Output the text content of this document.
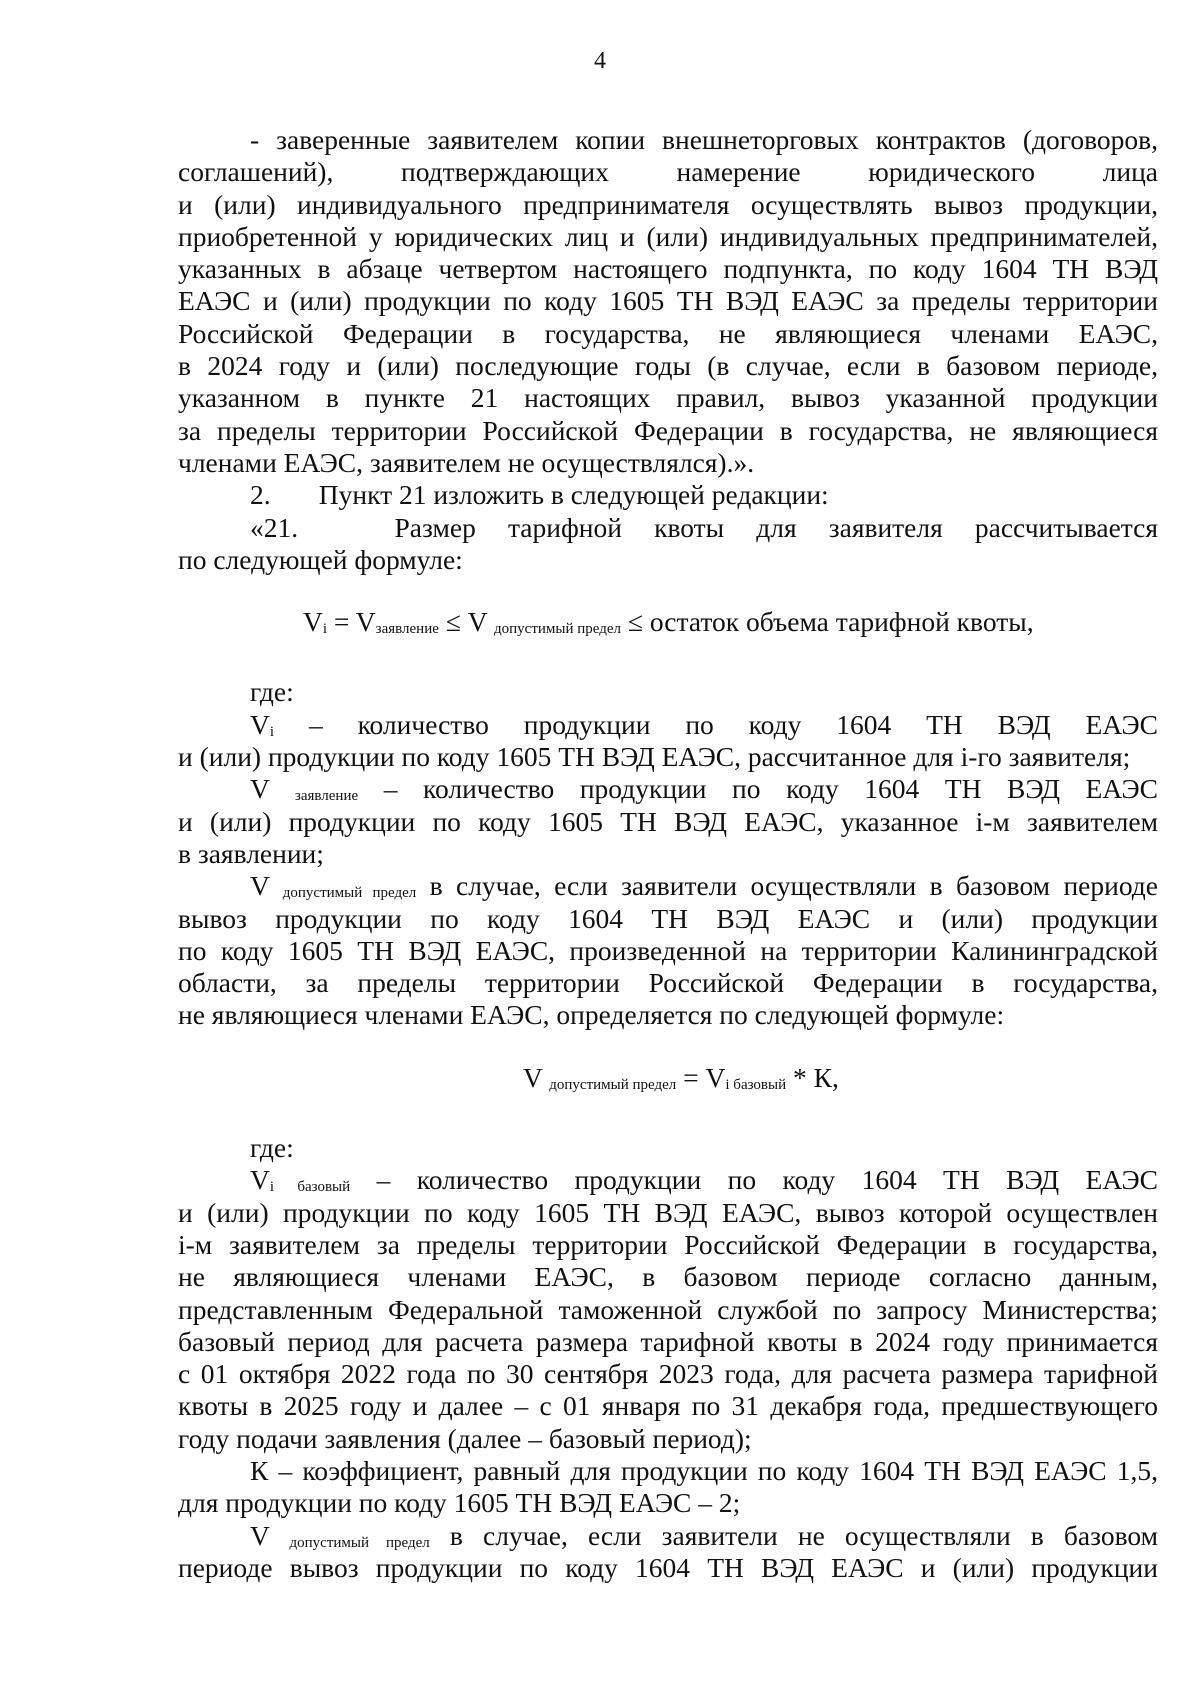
4

- заверенные заявителем копии внешнеторговых контрактов (договоров,

соглашений), подтверждающих намерение юридического лица

и (или) индивидуального предпринимателя осуществлять вывоз продукции,

приобретенной у юридических лиц и (или) индивидуальных предпринимателей,

указанных в абзаце четвертом настоящего подпункта, по коду 1604 ТН ВЭД

ЕАЭС и (или) продукции по коду 1605 ТН ВЭД ЕАЭС за пределы территории

Российской Федерации в государства, не являющиеся членами ЕАЭС,

в 2024 году и (или) последующие годы (в случае, если в базовом периоде,

указанном в пункте 21 настоящих правил, вывоз указанной продукции

за пределы территории Российской Федерации в государства, не являющиеся

членами ЕАЭС, заявителем не осуществлялся).».

2.       Пункт 21 изложить в следующей редакции:

«21.   Размер тарифной квоты для заявителя рассчитывается

по следующей формуле:

Vi = Vзаявление ≤ V допустимый предел ≤ остаток объема тарифной квоты,

где:

Vi – количество продукции по коду 1604 ТН ВЭД ЕАЭС

и (или) продукции по коду 1605 ТН ВЭД ЕАЭС, рассчитанное для i-го заявителя;

V заявление – количество продукции по коду 1604 ТН ВЭД ЕАЭС

и (или) продукции по коду 1605 ТН ВЭД ЕАЭС, указанное i-м заявителем

в заявлении;

V допустимый предел в случае, если заявители осуществляли в базовом периоде

вывоз продукции по коду 1604 ТН ВЭД ЕАЭС и (или) продукции

по коду 1605 ТН ВЭД ЕАЭС, произведенной на территории Калининградской

области, за пределы территории Российской Федерации в государства,

не являющиеся членами ЕАЭС, определяется по следующей формуле:

V допустимый предел = Vi базовый * К,

где:

Vi базовый – количество продукции по коду 1604 ТН ВЭД ЕАЭС

и (или) продукции по коду 1605 ТН ВЭД ЕАЭС, вывоз которой осуществлен

i-м заявителем за пределы территории Российской Федерации в государства,

не являющиеся членами ЕАЭС, в базовом периоде согласно данным,

представленным Федеральной таможенной службой по запросу Министерства;

базовый период для расчета размера тарифной квоты в 2024 году принимается

с 01 октября 2022 года по 30 сентября 2023 года, для расчета размера тарифной

квоты в 2025 году и далее – с 01 января по 31 декабря года, предшествующего

году подачи заявления (далее – базовый период);

К – коэффициент, равный для продукции по коду 1604 ТН ВЭД ЕАЭС 1,5,

для продукции по коду 1605 ТН ВЭД ЕАЭС – 2;

V допустимый предел в случае, если заявители не осуществляли в базовом

периоде вывоз продукции по коду 1604 ТН ВЭД ЕАЭС и (или) продукции
